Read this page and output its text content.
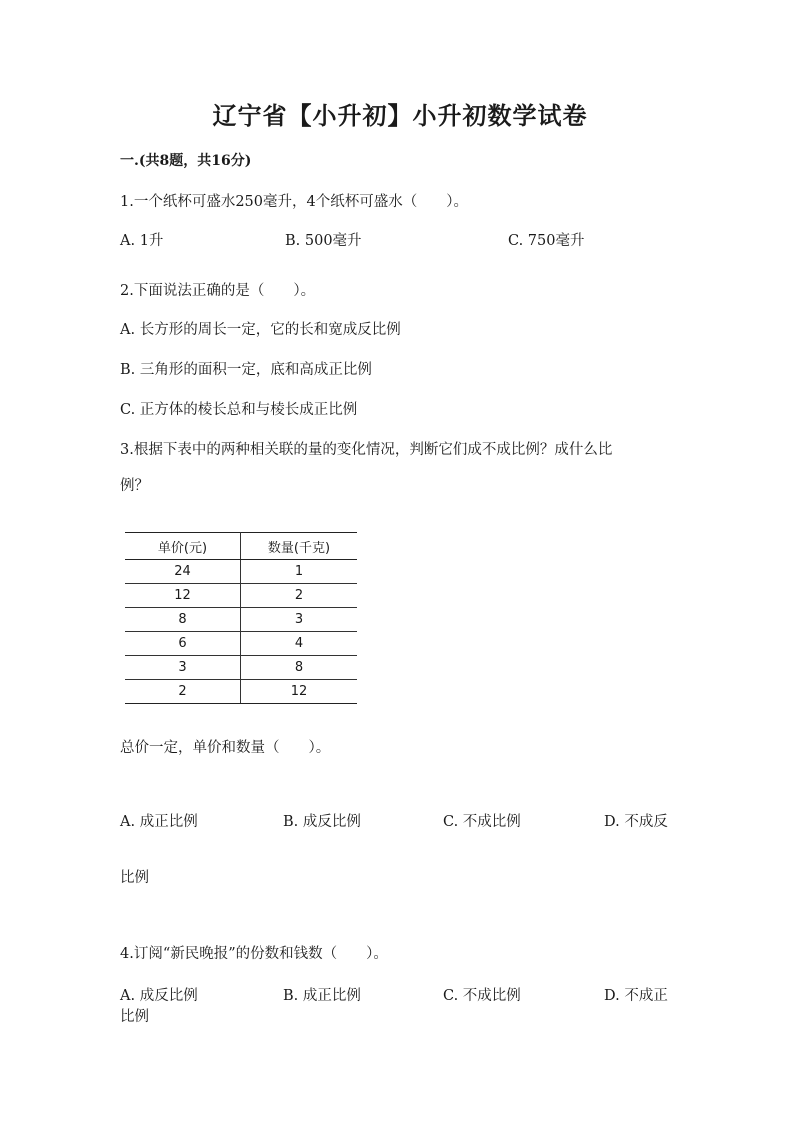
辽宁省【小升初】小升初数学试卷
一.(共8题，共16分)
1.一个纸杯可盛水250毫升，4个纸杯可盛水（　　）。
A. 1升	B. 500毫升	C. 750毫升
2.下面说法正确的是（　　）。
A. 长方形的周长一定，它的长和宽成反比例
B. 三角形的面积一定，底和高成正比例
C. 正方体的棱长总和与棱长成正比例
3.根据下表中的两种相关联的量的变化情况，判断它们成不成比例？成什么比
例？
单价(元)	数量(千克)
24	1
12	2
8	3
6	4
3	8
2	12
总价一定，单价和数量（　　）。
A. 成正比例	B. 成反比例	C. 不成比例	D. 不成反
比例
4.订阅“新民晚报”的份数和钱数（　　）。
A. 成反比例	B. 成正比例	C. 不成比例	D. 不成正
比例
